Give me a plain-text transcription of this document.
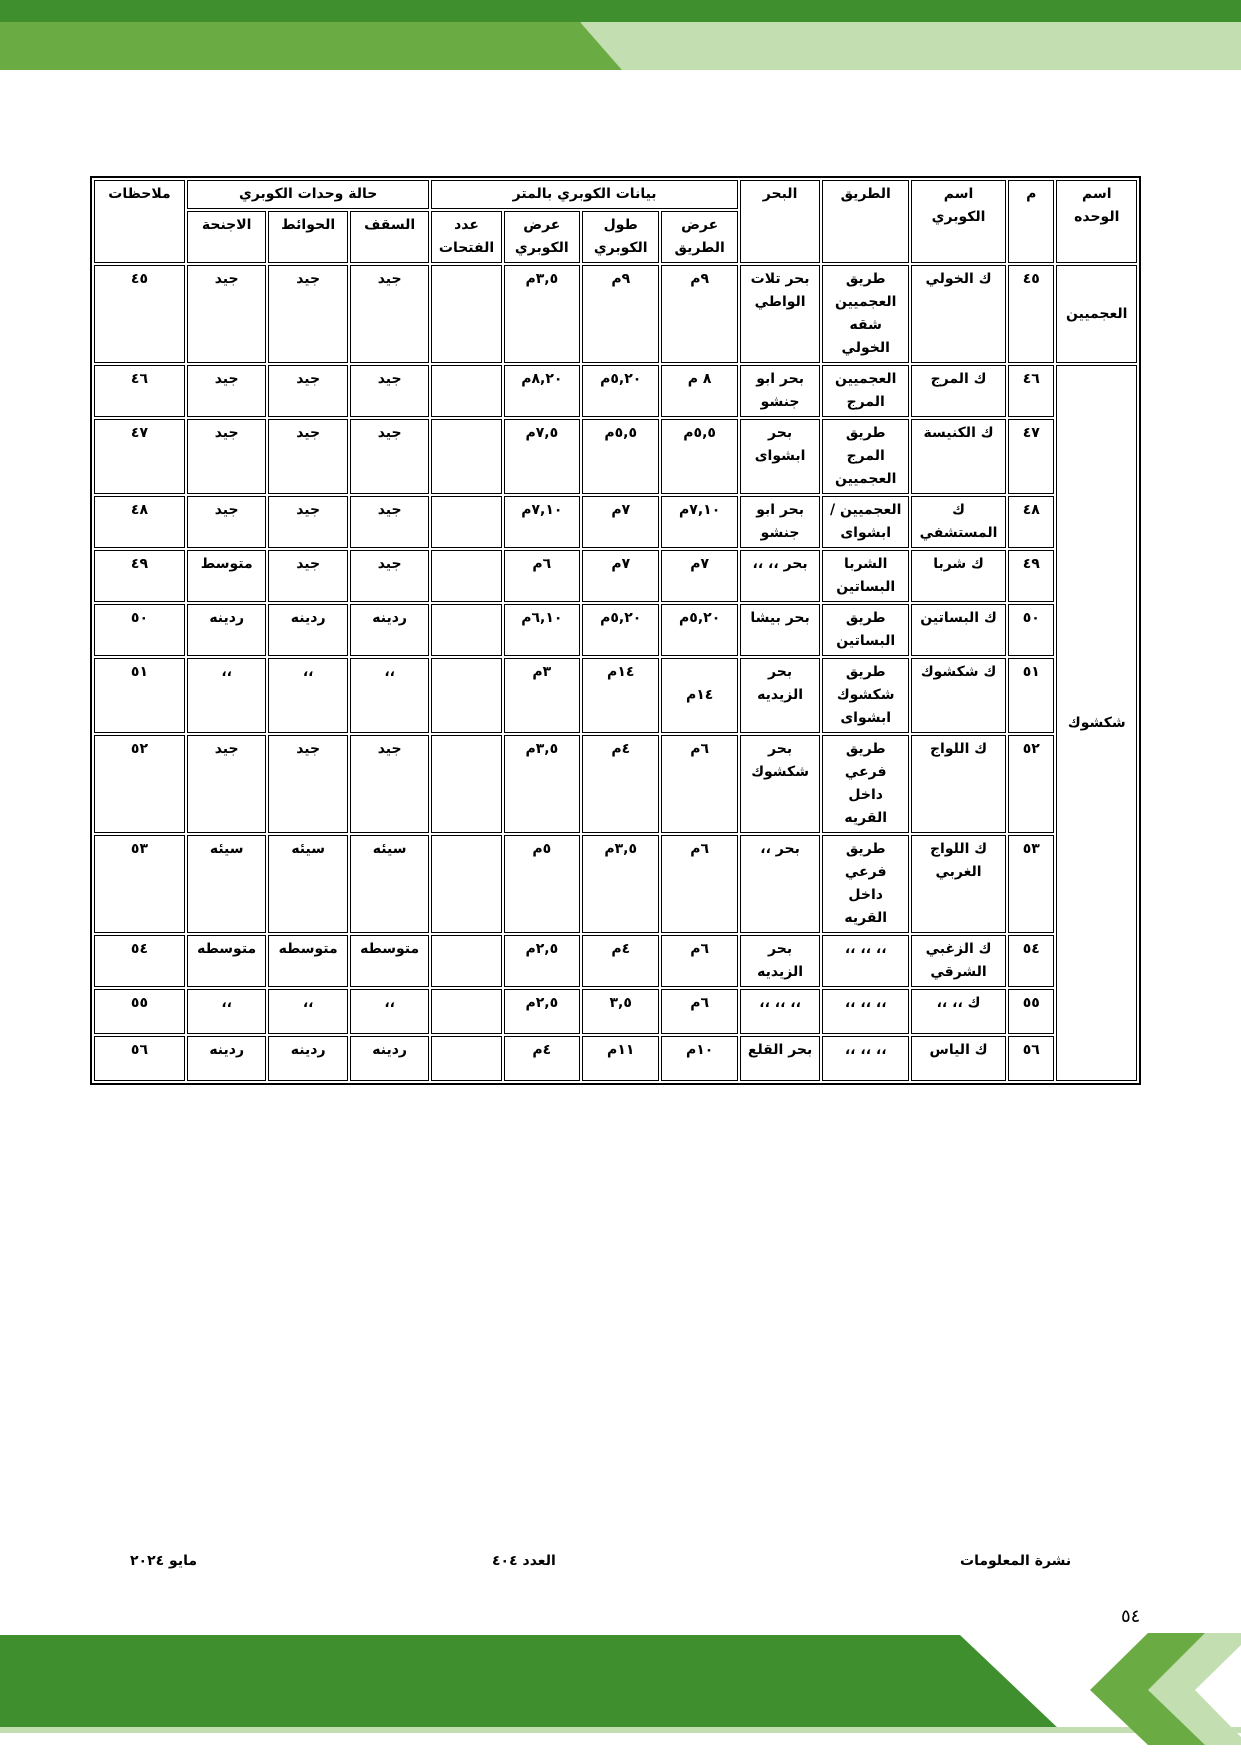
اسم الوحده	م	اسم الكوبري	الطريق	البحر	بيانات الكوبري بالمتر				حالة وحدات الكوبري			ملاحظات
					عرض الطريق	طول الكوبري	عرض الكوبري	عدد الفتحات	السقف	الحوائط	الاجنحة	
العجميين	٤٥	ك الخولي	طريق العجميين شقه الخولي	بحر تلات الواطي	٩م	٩م	٣,٥م		جيد	جيد	جيد	٤٥
شكشوك	٤٦	ك المرج	العجميين المرج	بحر ابو جنشو	٨ م	٥,٢٠م	٨,٢٠م		جيد	جيد	جيد	٤٦
	٤٧	ك الكنيسة	طريق المرج العجميين	بحر ابشواى	٥,٥م	٥,٥م	٧,٥م		جيد	جيد	جيد	٤٧
	٤٨	ك المستشفي	العجميين / ابشواى	بحر ابو جنشو	٧,١٠م	٧م	٧,١٠م		جيد	جيد	جيد	٤٨
	٤٩	ك شربا	الشربا البساتين	بحر ،، ،،	٧م	٧م	٦م		جيد	جيد	متوسط	٤٩
	٥٠	ك البساتين	طريق البساتين	بحر بيشا	٥,٢٠م	٥,٢٠م	٦,١٠م		ردينه	ردينه	ردينه	٥٠
	٥١	ك شكشوك	طريق شكشوك ابشواى	بحر الزيديه	١٤م	١٤م	٣م		،،	،،	،،	٥١
	٥٢	ك اللواج	طريق فرعي داخل القريه	بحر شكشوك	٦م	٤م	٣,٥م		جيد	جيد	جيد	٥٢
	٥٣	ك اللواج الغربي	طريق فرعي داخل القريه	بحر ،،	٦م	٣,٥م	٥م		سيئه	سيئه	سيئه	٥٣
	٥٤	ك الزغبي الشرقي	،، ،، ،،	بحر الزيديه	٦م	٤م	٢,٥م		متوسطه	متوسطه	متوسطه	٥٤
	٥٥	ك ،، ،،	،، ،، ،،	،، ،، ،،	٦م	٣,٥	٢,٥م		،،	،،	،،	٥٥
	٥٦	ك الياس	،، ،، ،،	بحر القلع	١٠م	١١م	٤م		ردينه	ردينه	ردينه	٥٦
نشرة المعلومات
العدد ٤٠٤
مايو ٢٠٢٤
٥٤
